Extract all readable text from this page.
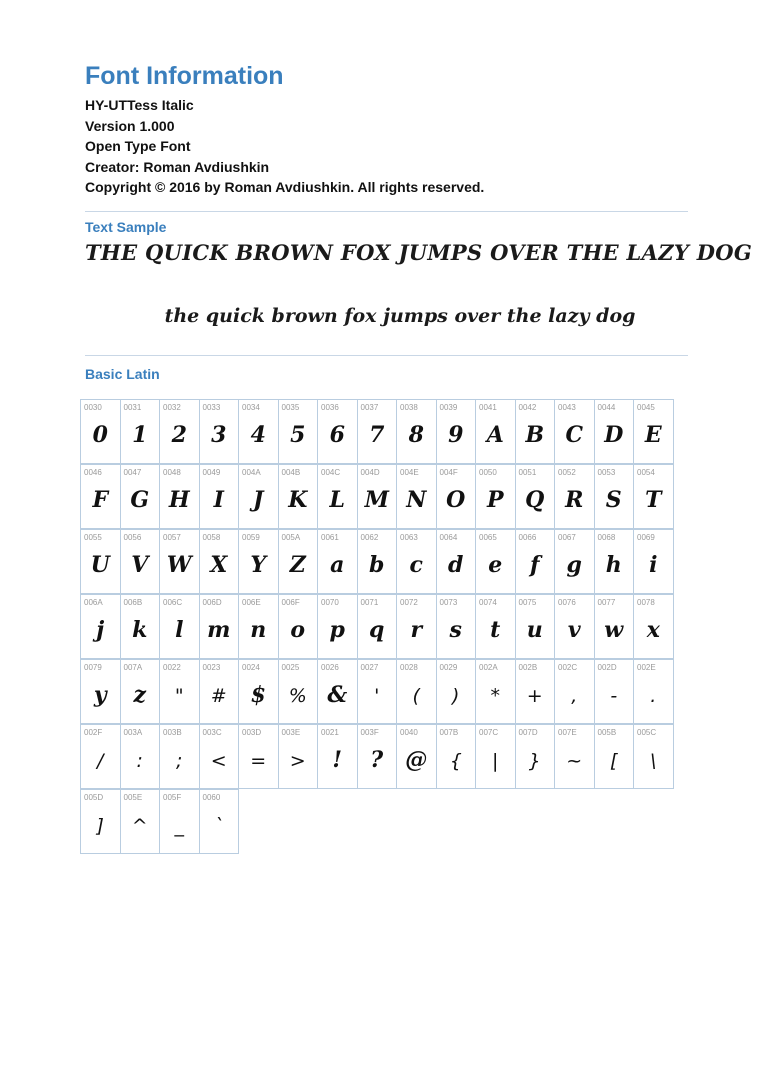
Font Information
HY-UTTess Italic
Version 1.000
Open Type Font
Creator: Roman Avdiushkin
Copyright © 2016 by Roman Avdiushkin. All rights reserved.
Text Sample
THE QUICK BROWN FOX JUMPS OVER THE LAZY DOG
the quick brown fox jumps over the lazy dog
Basic Latin
0030
0
0031
1
0032
2
0033
3
0034
4
0035
5
0036
6
0037
7
0038
8
0039
9
0041
A
0042
B
0043
C
0044
D
0045
E
0046
F
0047
G
0048
H
0049
I
004A
J
004B
K
004C
L
004D
M
004E
N
004F
O
0050
P
0051
Q
0052
R
0053
S
0054
T
0055
U
0056
V
0057
W
0058
X
0059
Y
005A
Z
0061
a
0062
b
0063
c
0064
d
0065
e
0066
f
0067
g
0068
h
0069
i
006A
j
006B
k
006C
l
006D
m
006E
n
006F
o
0070
p
0071
q
0072
r
0073
s
0074
t
0075
u
0076
v
0077
w
0078
x
0079
y
007A
z
0022
"
0023
#
0024
$
0025
%
0026
&
0027
'
0028
(
0029
)
002A
*
002B
+
002C
,
002D
-
002E
.
002F
/
003A
:
003B
;
003C
<
003D
=
003E
>
0021
!
003F
?
0040
@
007B
{
007C
|
007D
}
007E
~
005B
[
005C
\
005D
]
005E
^
005F
_
0060
`
